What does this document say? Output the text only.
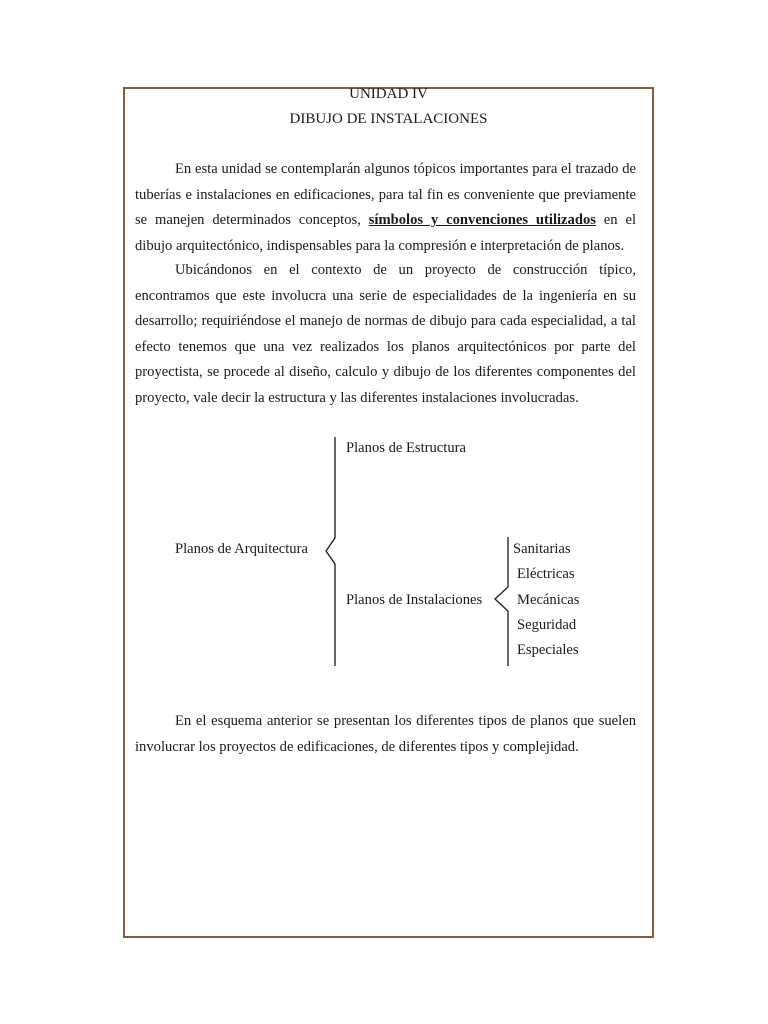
UNIDAD IV
DIBUJO DE INSTALACIONES

En esta unidad se contemplarán algunos tópicos importantes para el trazado de tuberías e instalaciones en edificaciones, para tal fin es conveniente que previamente se manejen determinados conceptos, símbolos y convenciones utilizados en el dibujo arquitectónico, indispensables para la compresión e interpretación de planos.

Ubicándonos en el contexto de un proyecto de construcción típico, encontramos que este involucra una serie de especialidades de la ingeniería en su desarrollo; requiriéndose el manejo de normas de dibujo para cada especialidad, a tal efecto tenemos que una vez realizados los planos arquitectónicos por parte del proyectista, se procede al diseño, calculo y dibujo de los diferentes componentes del proyecto, vale decir la estructura y las diferentes instalaciones involucradas.

Planos de Arquitectura
Planos de Estructura
Planos de Instalaciones
Sanitarias
Eléctricas
Mecánicas
Seguridad
Especiales

En el esquema anterior se presentan los diferentes tipos de planos que suelen involucrar los proyectos de edificaciones, de diferentes tipos y complejidad.
